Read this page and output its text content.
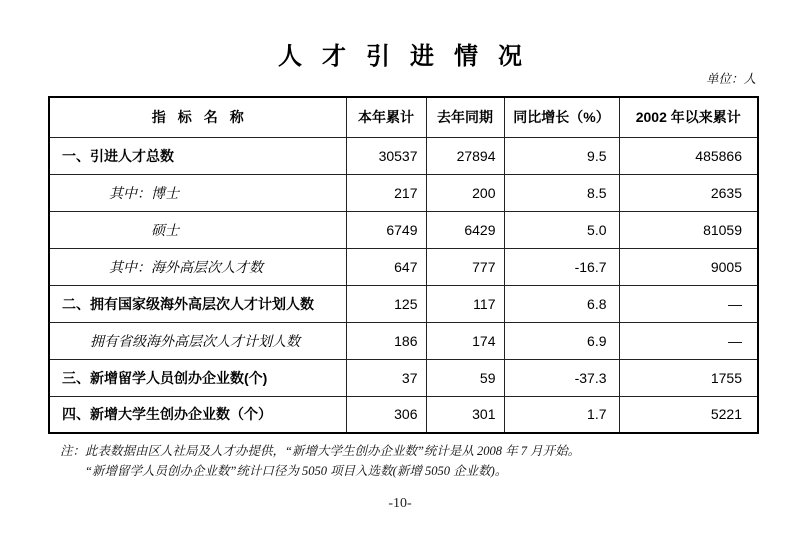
人才引进情况
单位：人
指标名称	本年累计	去年同期	同比增长（%）	2002 年以来累计
一、引进人才总数	30537	27894	9.5	485866
其中：博士	217	200	8.5	2635
硕士	6749	6429	5.0	81059
其中：海外高层次人才数	647	777	-16.7	9005
二、拥有国家级海外高层次人才计划人数	125	117	6.8	—
拥有省级海外高层次人才计划人数	186	174	6.9	—
三、新增留学人员创办企业数(个)	37	59	-37.3	1755
四、新增大学生创办企业数（个）	306	301	1.7	5221
注：此表数据由区人社局及人才办提供，“新增大学生创办企业数”统计是从 2008 年 7 月开始。
“新增留学人员创办企业数”统计口径为 5050 项目入选数(新增 5050 企业数)。
-10-
